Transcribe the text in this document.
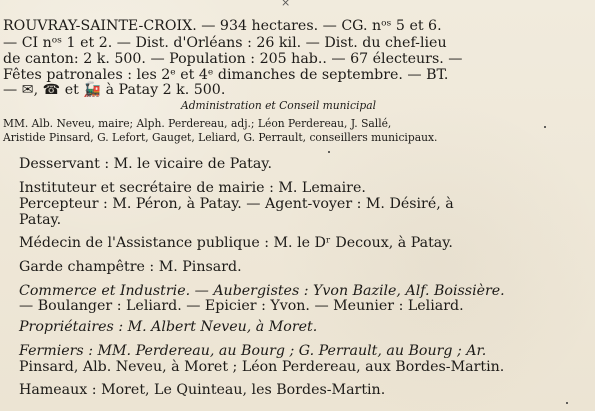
×
ROUVRAY-SAINTE-CROIX. — 934 hectares. — CG. nᵒˢ 5 et 6.
— CI nᵒˢ 1 et 2. — Dist. d'Orléans : 26 kil. — Dist. du chef-lieu
de canton: 2 k. 500. — Population : 205 hab.. — 67 électeurs. —
Fêtes patronales : les 2ᵉ et 4ᵉ dimanches de septembre. — BT.
— ✉, ☎ et 🚂 à Patay 2 k. 500.
Administration et Conseil municipal
MM. Alb. Neveu, maire; Alph. Perdereau, adj.; Léon Perdereau, J. Sallé,
Aristide Pinsard, G. Lefort, Gauget, Leliard, G. Perrault, conseillers municipaux.
Desservant : M. le vicaire de Patay.
Instituteur et secrétaire de mairie : M. Lemaire.
Percepteur : M. Péron, à Patay. — Agent-voyer : M. Désiré, à
Patay.
Médecin de l'Assistance publique : M. le Dʳ Decoux, à Patay.
Garde champêtre : M. Pinsard.
Commerce et Industrie. — Aubergistes : Yvon Bazile, Alf. Boissière.
— Boulanger : Leliard. — Epicier : Yvon. — Meunier : Leliard.
Propriétaires : M. Albert Neveu, à Moret.
Fermiers : MM. Perdereau, au Bourg ; G. Perrault, au Bourg ; Ar.
Pinsard, Alb. Neveu, à Moret ; Léon Perdereau, aux Bordes-Martin.
Hameaux : Moret, Le Quinteau, les Bordes-Martin.
